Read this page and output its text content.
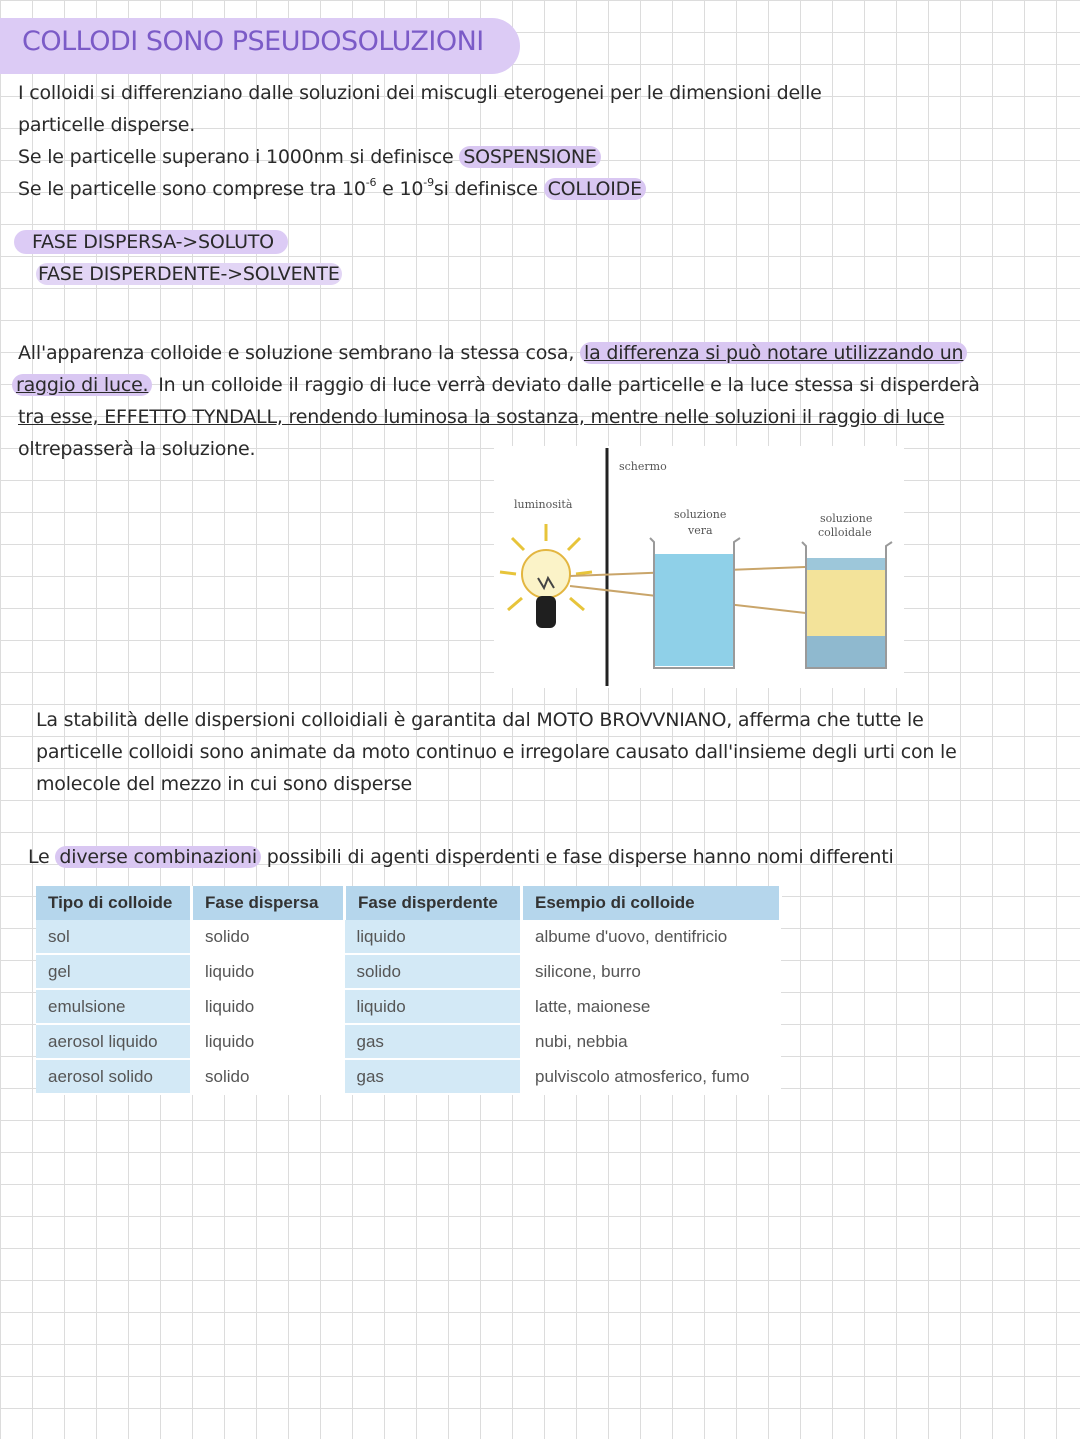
COLLODI SONO PSEUDOSOLUZIONI
I colloidi si differenziano dalle soluzioni dei miscugli eterogenei per le dimensioni delle
particelle disperse.
Se le particelle superano i 1000nm si definisce SOSPENSIONE
Se le particelle sono comprese tra $10^{-6}$ e $10^{-9}si$ definisce COLLOIDE
FASE DISPERSA->SOLUTO
FASE DISPERDENTE->SOLVENTE
All'apparenza colloide e soluzione sembrano la stessa cosa, la differenza si può notare utilizzando un
raggio di luce. In un colloide il raggio di luce verrà deviato dalle particelle e la luce stessa si disperderà
tra esse, EFFETTO TYNDALL, rendendo luminosa la sostanza, mentre nelle soluzioni il raggio di luce
oltrepasserà la soluzione.
schermo
luminosità
soluzione
vera
soluzione
colloidale
La stabilità delle dispersioni colloidiali è garantita dal MOTO BROVVNIANO, afferma che tutte le
particelle colloidi sono animate da moto continuo e irregolare causato dall'insieme degli urti con le
molecole del mezzo in cui sono disperse
Le diverse combinazioni possibili di agenti disperdenti e fase disperse hanno nomi differenti
Tipo di colloide	Fase dispersa	Fase disperdente	Esempio di colloide
sol	solido	liquido	albume d'uovo, dentifricio
gel	liquido	solido	silicone, burro
emulsione	liquido	liquido	latte, maionese
aerosol liquido	liquido	gas	nubi, nebbia
aerosol solido	solido	gas	pulviscolo atmosferico, fumo
